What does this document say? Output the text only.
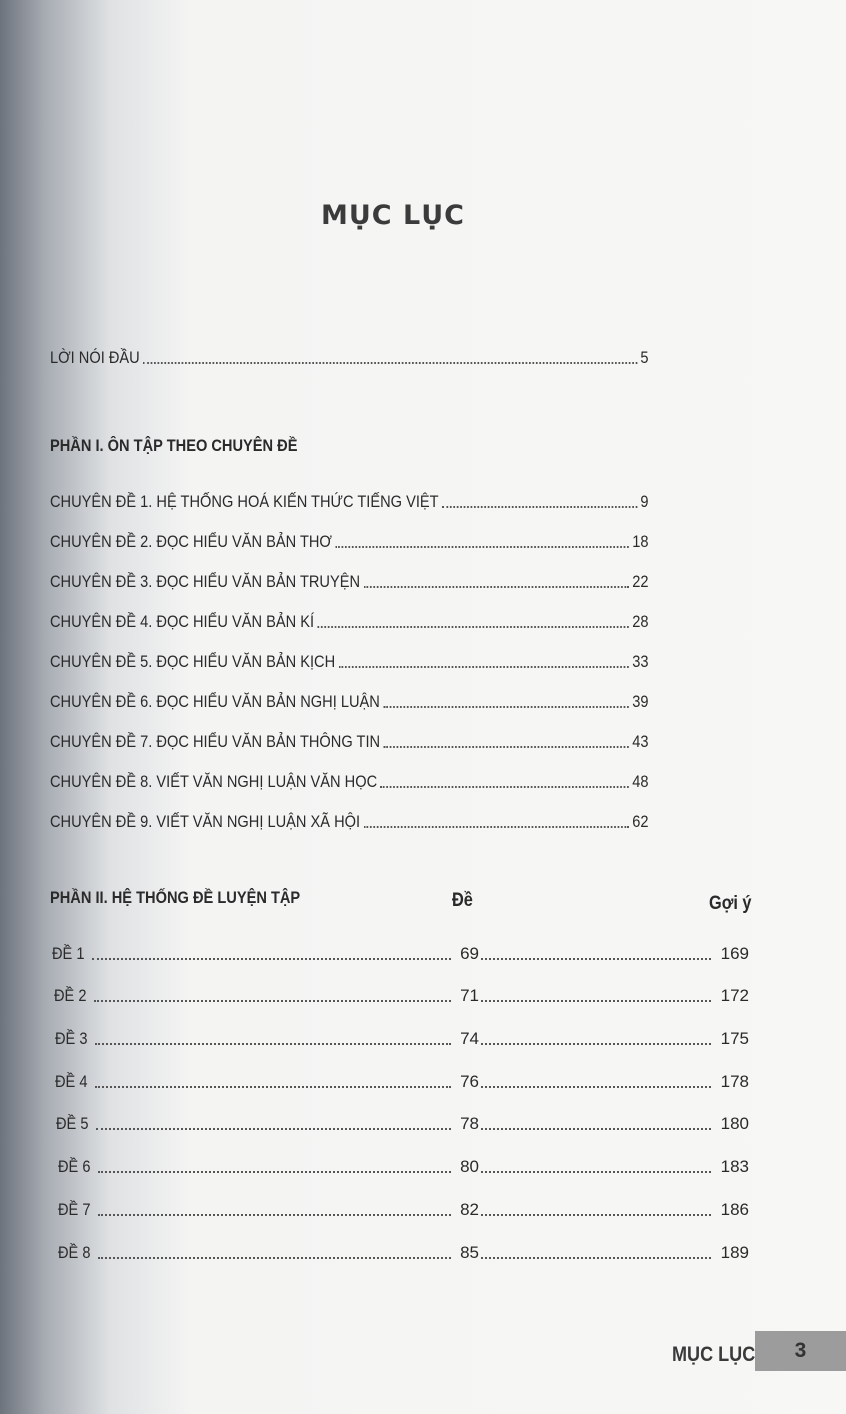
MỤC LỤC
LỜI NÓI ĐẦU	5
PHẦN I. ÔN TẬP THEO CHUYÊN ĐỀ
CHUYÊN ĐỀ 1. HỆ THỐNG HOÁ KIẾN THỨC TIẾNG VIỆT	9
CHUYÊN ĐỀ 2. ĐỌC HIỂU VĂN BẢN THƠ	18
CHUYÊN ĐỀ 3. ĐỌC HIỂU VĂN BẢN TRUYỆN	22
CHUYÊN ĐỀ 4. ĐỌC HIỂU VĂN BẢN KÍ	28
CHUYÊN ĐỀ 5. ĐỌC HIỂU VĂN BẢN KỊCH	33
CHUYÊN ĐỀ 6. ĐỌC HIỂU VĂN BẢN NGHỊ LUẬN	39
CHUYÊN ĐỀ 7. ĐỌC HIỂU VĂN BẢN THÔNG TIN	43
CHUYÊN ĐỀ 8. VIẾT VĂN NGHỊ LUẬN VĂN HỌC	48
CHUYÊN ĐỀ 9. VIẾT VĂN NGHỊ LUẬN XÃ HỘI	62
PHẦN II. HỆ THỐNG ĐỀ LUYỆN TẬP	Đề	Gợi ý
ĐỀ 1	69	169
ĐỀ 2	71	172
ĐỀ 3	74	175
ĐỀ 4	76	178
ĐỀ 5	78	180
ĐỀ 6	80	183
ĐỀ 7	82	186
ĐỀ 8	85	189
MỤC LỤC 3
